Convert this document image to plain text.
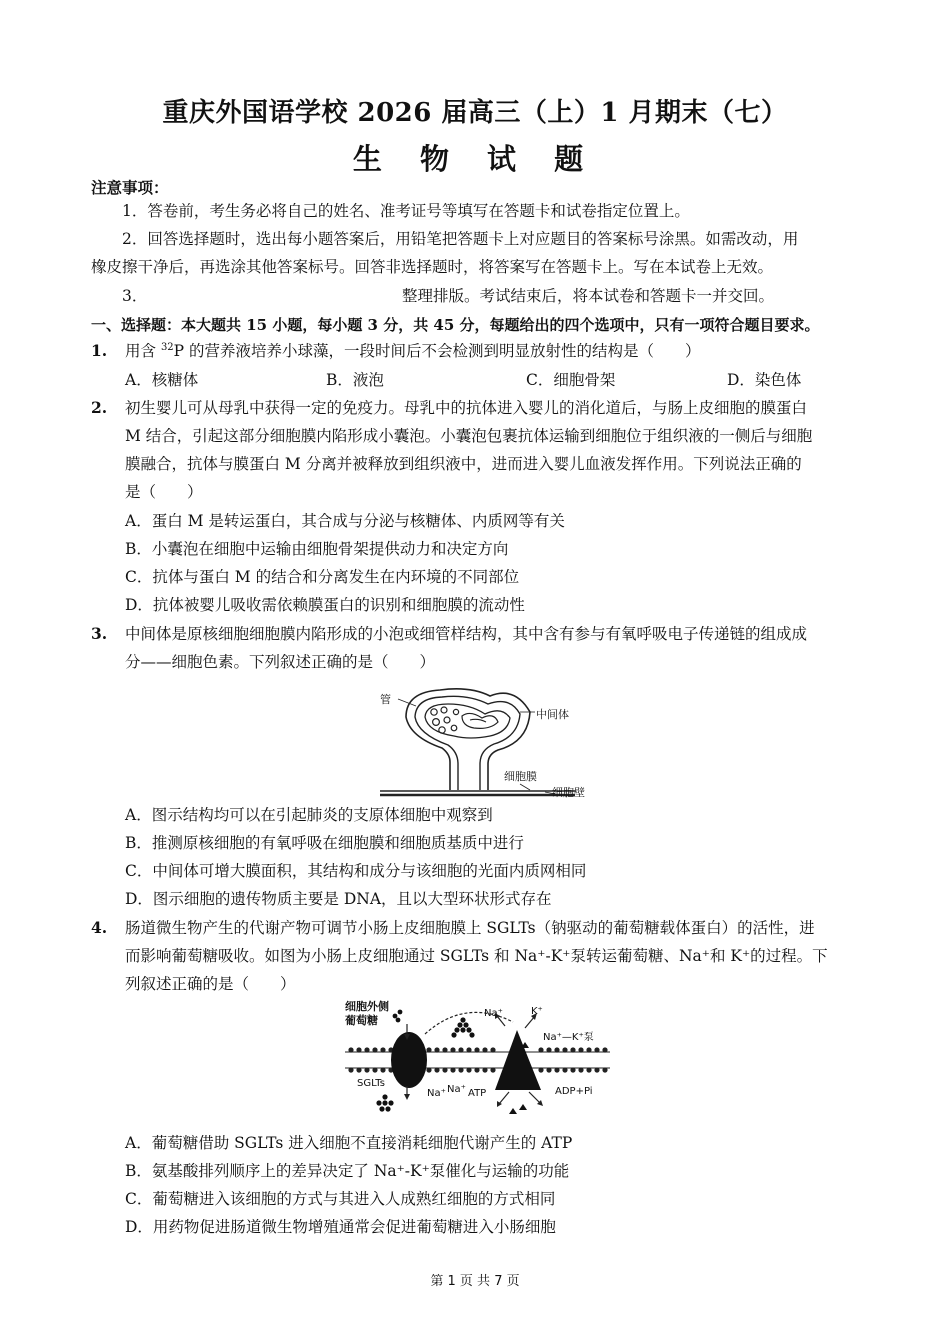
重庆外国语学校 2026 届高三（上）1 月期末（七）
生 物 试 题
注意事项：
1．答卷前，考生务必将自己的姓名、准考证号等填写在答题卡和试卷指定位置上。
2．回答选择题时，选出每小题答案后，用铅笔把答题卡上对应题目的答案标号涂黑。如需改动，用
橡皮擦干净后，再选涂其他答案标号。回答非选择题时，将答案写在答题卡上。写在本试卷上无效。
3．	整理排版。考试结束后，将本试卷和答题卡一并交回。
一、选择题：本大题共 15 小题，每小题 3 分，共 45 分，每题给出的四个选项中，只有一项符合题目要求。
1. 用含 $^{32}$P 的营养液培养小球藻，一段时间后不会检测到明显放射性的结构是（　　）
A．核糖体	B．液泡	C．细胞骨架	D．染色体
2. 初生婴儿可从母乳中获得一定的免疫力。母乳中的抗体进入婴儿的消化道后，与肠上皮细胞的膜蛋白
M 结合，引起这部分细胞膜内陷形成小囊泡。小囊泡包裹抗体运输到细胞位于组织液的一侧后与细胞
膜融合，抗体与膜蛋白 M 分离并被释放到组织液中，进而进入婴儿血液发挥作用。下列说法正确的
是（　　）
A．蛋白 M 是转运蛋白，其合成与分泌与核糖体、内质网等有关
B．小囊泡在细胞中运输由细胞骨架提供动力和决定方向
C．抗体与蛋白 M 的结合和分离发生在内环境的不同部位
D．抗体被婴儿吸收需依赖膜蛋白的识别和细胞膜的流动性
3. 中间体是原核细胞细胞膜内陷形成的小泡或细管样结构，其中含有参与有氧呼吸电子传递链的组成成
分——细胞色素。下列叙述正确的是（　　）
管
中间体
细胞膜
细胞壁
A．图示结构均可以在引起肺炎的支原体细胞中观察到
B．推测原核细胞的有氧呼吸在细胞膜和细胞质基质中进行
C．中间体可增大膜面积，其结构和成分与该细胞的光面内质网相同
D．图示细胞的遗传物质主要是 DNA，且以大型环状形式存在
4. 肠道微生物产生的代谢产物可调节小肠上皮细胞膜上 SGLTs（钠驱动的葡萄糖载体蛋白）的活性，进
而影响葡萄糖吸收。如图为小肠上皮细胞通过 SGLTs 和 Na⁺-K⁺泵转运葡萄糖、Na⁺和 K⁺的过程。下
列叙述正确的是（　　）
细胞外侧
葡萄糖
Na⁺	K⁺
Na⁺—K⁺泵
SGLTs
Na⁺ Na⁺ ATP	ADP+Pi
A．葡萄糖借助 SGLTs 进入细胞不直接消耗细胞代谢产生的 ATP
B．氨基酸排列顺序上的差异决定了 Na⁺-K⁺泵催化与运输的功能
C．葡萄糖进入该细胞的方式与其进入人成熟红细胞的方式相同
D．用药物促进肠道微生物增殖通常会促进葡萄糖进入小肠细胞
第 1 页 共 7 页
